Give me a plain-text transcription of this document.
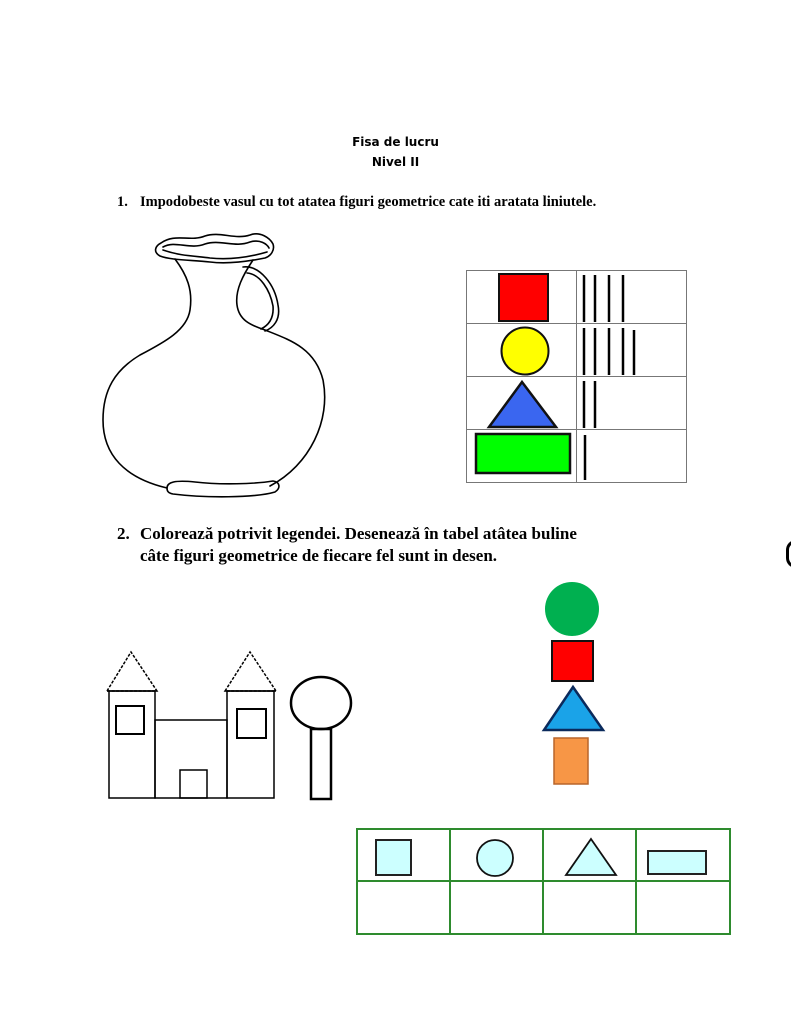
Fisa de lucru
Nivel II
1. Impodobeste vasul cu tot atatea figuri geometrice cate iti aratata liniutele.
2. Colorează potrivit legendei. Desenează în tabel atâtea buline
câte figuri geometrice de fiecare fel sunt in desen.
